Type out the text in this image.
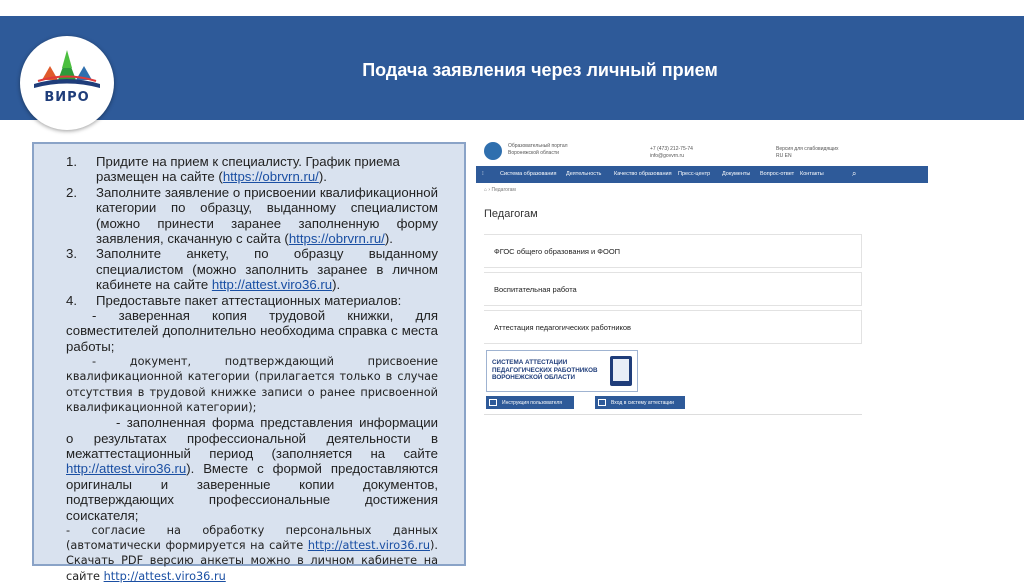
ВИРО
Подача заявления через личный прием
1. Придите на прием к специалисту. График приема размещен на сайте (https://obrvrn.ru/).
2. Заполните заявление о присвоении квалификационной категории по образцу, выданному специалистом (можно принести заранее заполненную форму заявления, скачанную с сайта (https://obrvrn.ru/).
3. Заполните анкету, по образцу выданному специалистом (можно заполнить заранее в личном кабинете на сайте http://attest.viro36.ru).
4. Предоставьте пакет аттестационных материалов:
- заверенная копия трудовой книжки, для совместителей дополнительно необходима справка с места работы;
- документ, подтверждающий присвоение квалификационной категории (прилагается только в случае отсутствия в трудовой книжке записи о ранее присвоенной квалификационной категории);
- заполненная форма представления информации о результатах профессиональной деятельности в межаттестационный период (заполняется на сайте http://attest.viro36.ru). Вместе с формой предоставляются оригиналы и заверенные копии документов, подтверждающих профессиональные достижения соискателя;
- согласие на обработку персональных данных (автоматически формируется на сайте http://attest.viro36.ru). Скачать PDF версию анкеты можно в личном кабинете на сайте http://attest.viro36.ru
Образовательный портал
Воронежской области
+7 (473) 212-75-74
info@govvrn.ru
Версия для слабовидящих
RU EN
⁝	Система образования Деятельность Качество образования Пресс-центр Документы Вопрос-ответ Контакты	⌕
⌂ › Педагогам
Педагогам
ФГОС общего образования и ФООП
Воспитательная работа
Аттестация педагогических работников
СИСТЕМА АТТЕСТАЦИИ ПЕДАГОГИЧЕСКИХ РАБОТНИКОВ ВОРОНЕЖСКОЙ ОБЛАСТИ
Инструкция пользователя	Вход в систему аттестации
